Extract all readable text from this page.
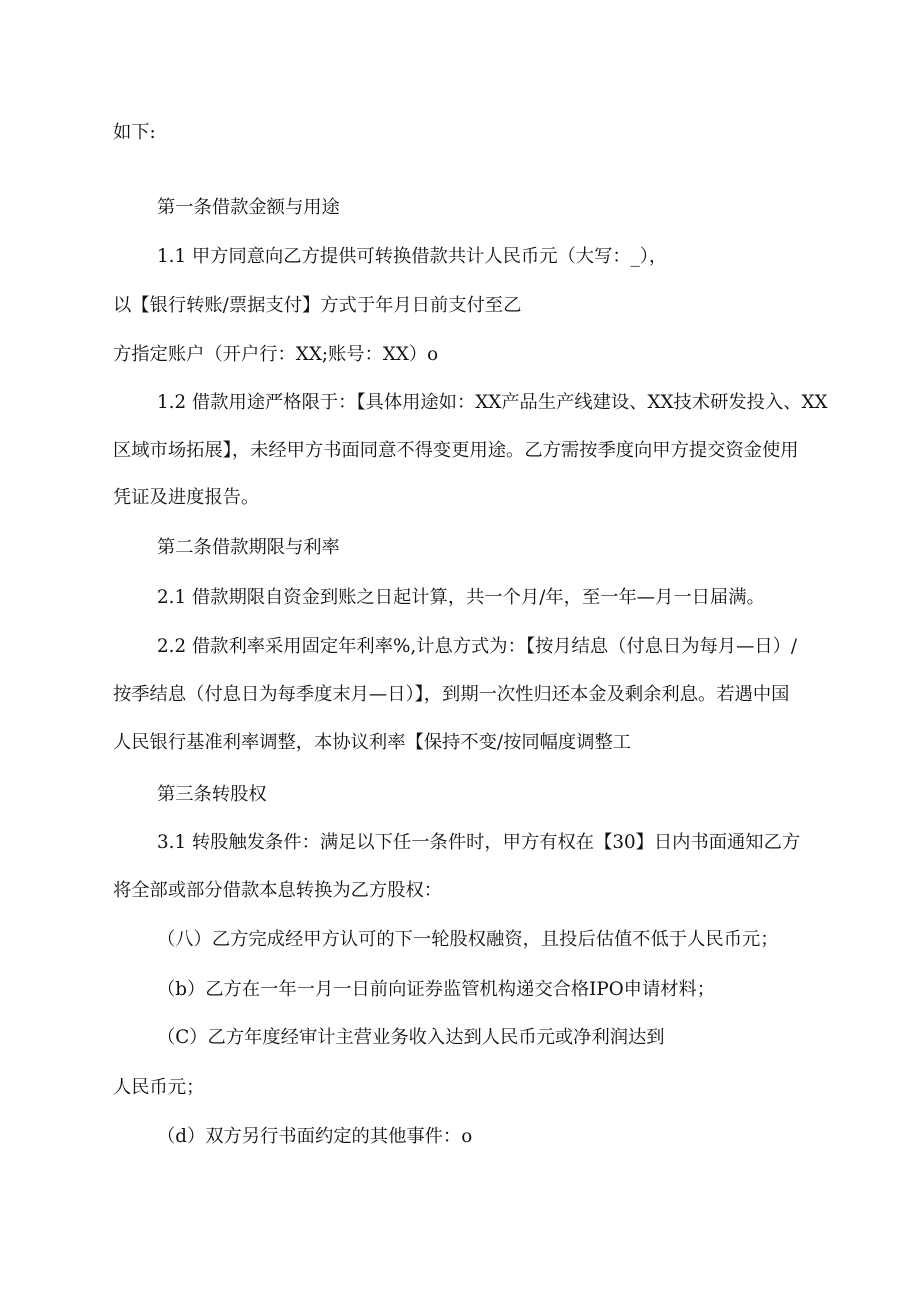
如下:
第一条借款金额与用途
1.1 甲方同意向乙方提供可转换借款共计人民币元（大写：_），
以【银行转账/票据支付】方式于年月日前支付至乙
方指定账户（开户行：XX;账号：XX）o
1.2 借款用途严格限于：【具体用途如：XX产品生产线建设、XX技术研发投入、XX
区域市场拓展】，未经甲方书面同意不得变更用途。乙方需按季度向甲方提交资金使用
凭证及进度报告。
第二条借款期限与利率
2.1 借款期限自资金到账之日起计算，共一个月/年，至一年—月一日届满。
2.2 借款利率采用固定年利率%,计息方式为：【按月结息（付息日为每月—日）/
按季结息（付息日为每季度末月—日）】，到期一次性归还本金及剩余利息。若遇中国
人民银行基准利率调整，本协议利率【保持不变/按同幅度调整工
第三条转股权
3.1 转股触发条件：满足以下任一条件时，甲方有权在【30】日内书面通知乙方
将全部或部分借款本息转换为乙方股权：
（八）乙方完成经甲方认可的下一轮股权融资，且投后估值不低于人民币元；
（b）乙方在一年一月一日前向证券监管机构递交合格IPO申请材料；
（C）乙方年度经审计主营业务收入达到人民币元或净利润达到
人民币元；
（d）双方另行书面约定的其他事件：o
